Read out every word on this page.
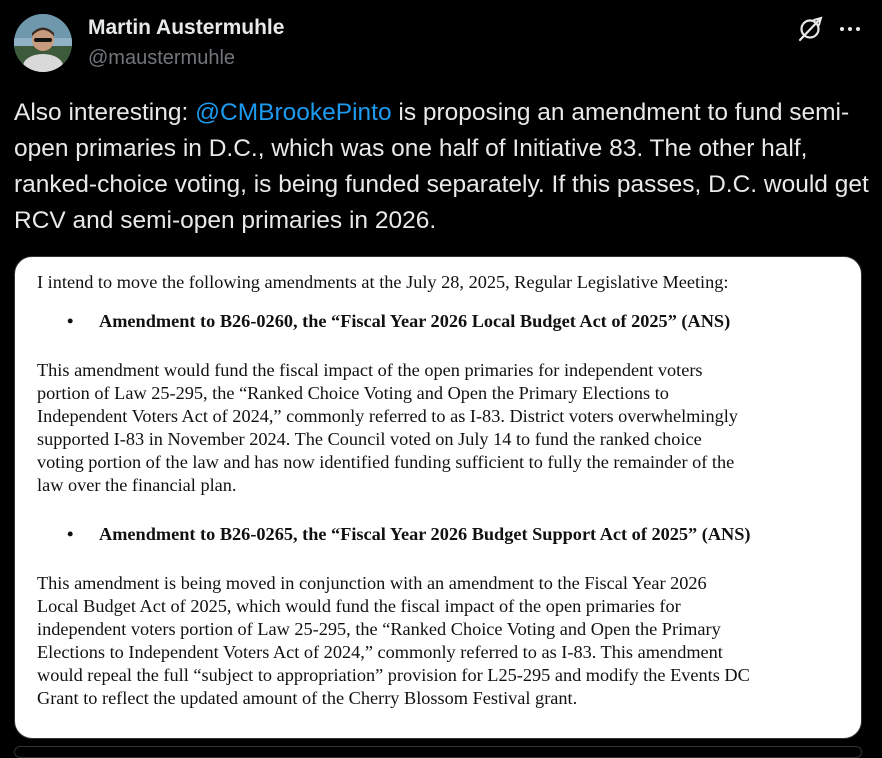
Martin Austermuhle
@maustermuhle

Also interesting: @CMBrookePinto is proposing an amendment to fund semi-open primaries in D.C., which was one half of Initiative 83. The other half, ranked-choice voting, is being funded separately. If this passes, D.C. would get RCV and semi-open primaries in 2026.

I intend to move the following amendments at the July 28, 2025, Regular Legislative Meeting:

• Amendment to B26-0260, the “Fiscal Year 2026 Local Budget Act of 2025” (ANS)

This amendment would fund the fiscal impact of the open primaries for independent voters

portion of Law 25-295, the “Ranked Choice Voting and Open the Primary Elections to

Independent Voters Act of 2024,” commonly referred to as I-83. District voters overwhelmingly

supported I-83 in November 2024. The Council voted on July 14 to fund the ranked choice

voting portion of the law and has now identified funding sufficient to fully the remainder of the

law over the financial plan.

• Amendment to B26-0265, the “Fiscal Year 2026 Budget Support Act of 2025” (ANS)

This amendment is being moved in conjunction with an amendment to the Fiscal Year 2026

Local Budget Act of 2025, which would fund the fiscal impact of the open primaries for

independent voters portion of Law 25-295, the “Ranked Choice Voting and Open the Primary

Elections to Independent Voters Act of 2024,” commonly referred to as I-83. This amendment

would repeal the full “subject to appropriation” provision for L25-295 and modify the Events DC

Grant to reflect the updated amount of the Cherry Blossom Festival grant.
